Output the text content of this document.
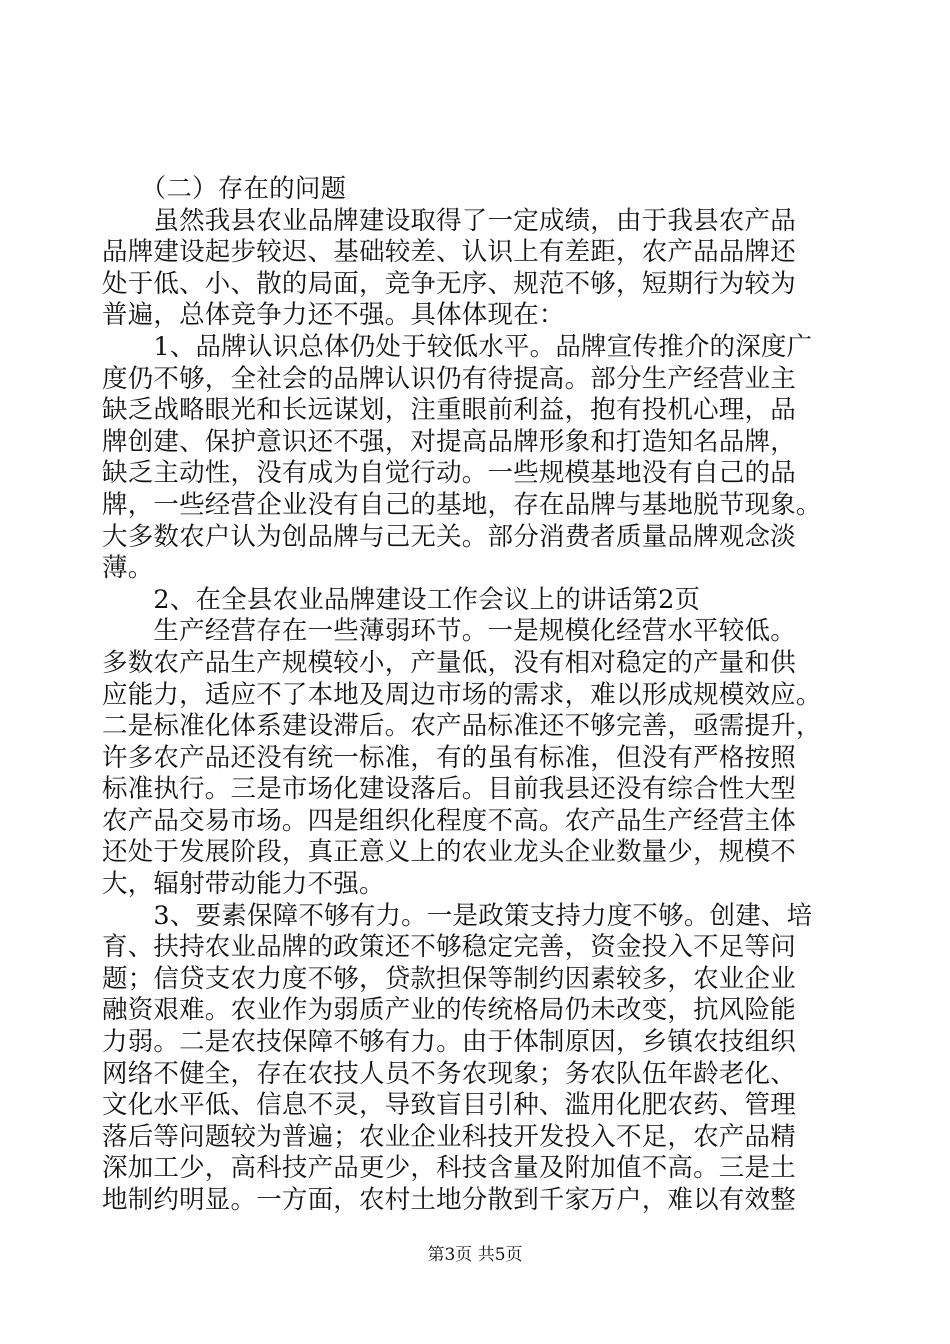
　　（二）存在的问题
　　虽然我县农业品牌建设取得了一定成绩，由于我县农产品
品牌建设起步较迟、基础较差、认识上有差距，农产品品牌还
处于低、小、散的局面，竞争无序、规范不够，短期行为较为
普遍，总体竞争力还不强。具体体现在：
　　1、品牌认识总体仍处于较低水平。品牌宣传推介的深度广
度仍不够，全社会的品牌认识仍有待提高。部分生产经营业主
缺乏战略眼光和长远谋划，注重眼前利益，抱有投机心理，品
牌创建、保护意识还不强，对提高品牌形象和打造知名品牌，
缺乏主动性，没有成为自觉行动。一些规模基地没有自己的品
牌，一些经营企业没有自己的基地，存在品牌与基地脱节现象。
大多数农户认为创品牌与己无关。部分消费者质量品牌观念淡
薄。
　　2、在全县农业品牌建设工作会议上的讲话第2页
　　生产经营存在一些薄弱环节。一是规模化经营水平较低。
多数农产品生产规模较小，产量低，没有相对稳定的产量和供
应能力，适应不了本地及周边市场的需求，难以形成规模效应。
二是标准化体系建设滞后。农产品标准还不够完善，亟需提升，
许多农产品还没有统一标准，有的虽有标准，但没有严格按照
标准执行。三是市场化建设落后。目前我县还没有综合性大型
农产品交易市场。四是组织化程度不高。农产品生产经营主体
还处于发展阶段，真正意义上的农业龙头企业数量少，规模不
大，辐射带动能力不强。
　　3、要素保障不够有力。一是政策支持力度不够。创建、培
育、扶持农业品牌的政策还不够稳定完善，资金投入不足等问
题；信贷支农力度不够，贷款担保等制约因素较多，农业企业
融资艰难。农业作为弱质产业的传统格局仍未改变，抗风险能
力弱。二是农技保障不够有力。由于体制原因，乡镇农技组织
网络不健全，存在农技人员不务农现象；务农队伍年龄老化、
文化水平低、信息不灵，导致盲目引种、滥用化肥农药、管理
落后等问题较为普遍；农业企业科技开发投入不足，农产品精
深加工少，高科技产品更少，科技含量及附加值不高。三是土
地制约明显。一方面，农村土地分散到千家万户，难以有效整
第3页 共5页
